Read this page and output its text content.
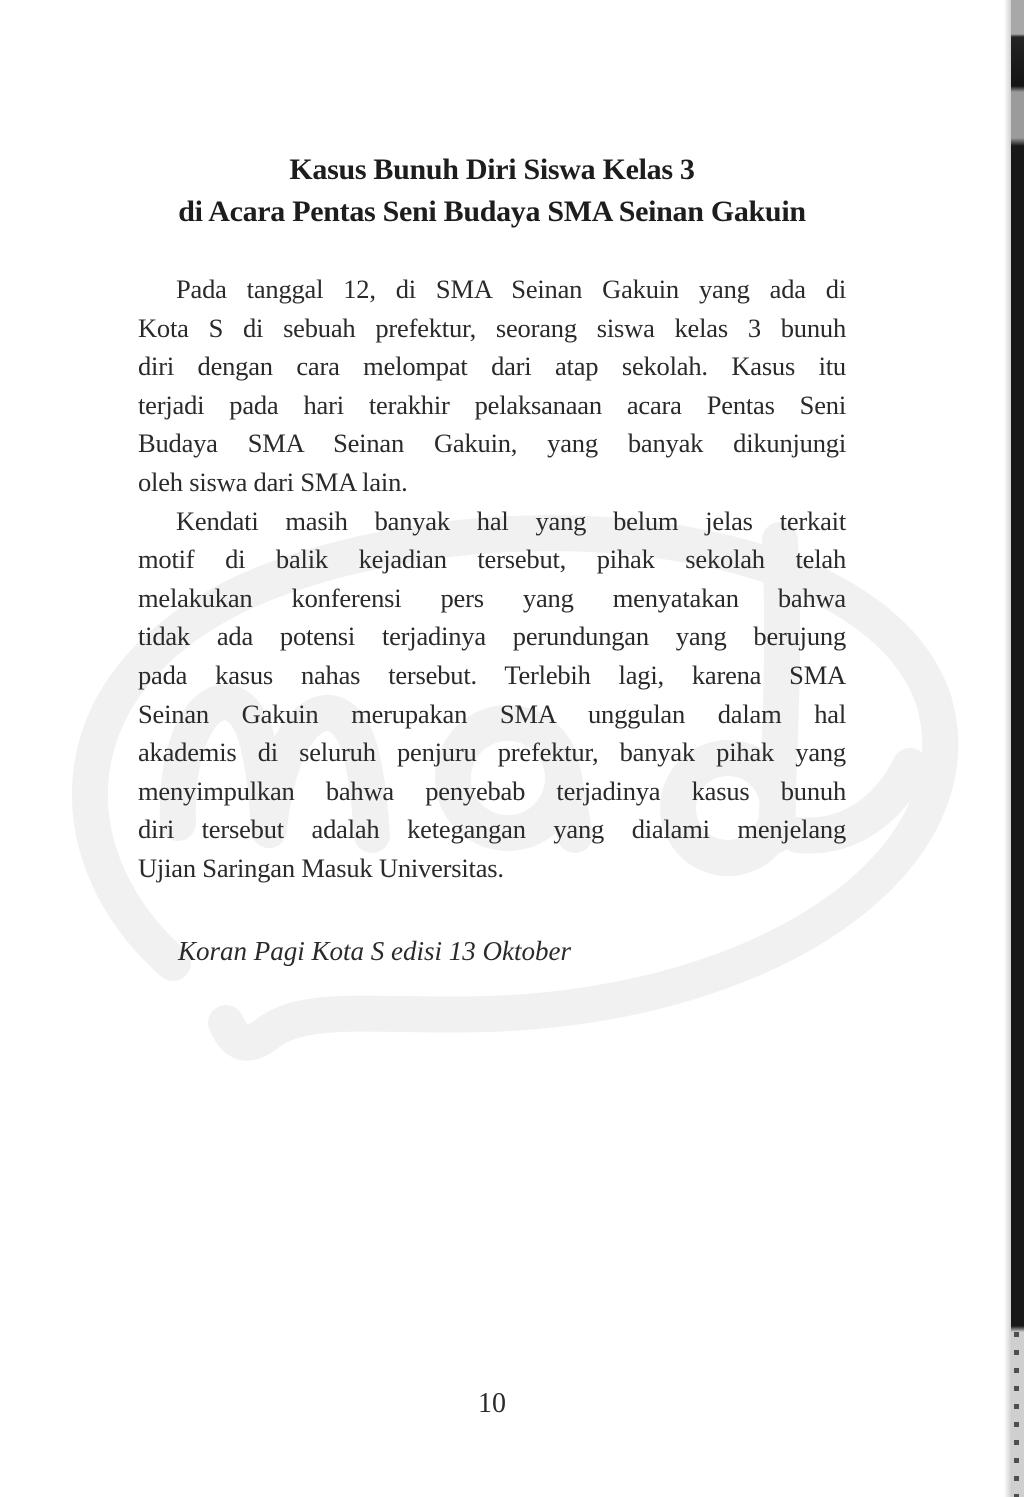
Kasus Bunuh Diri Siswa Kelas 3
di Acara Pentas Seni Budaya SMA Seinan Gakuin
Pada tanggal 12, di SMA Seinan Gakuin yang ada di
Kota S di sebuah prefektur, seorang siswa kelas 3 bunuh
diri dengan cara melompat dari atap sekolah. Kasus itu
terjadi pada hari terakhir pelaksanaan acara Pentas Seni
Budaya SMA Seinan Gakuin, yang banyak dikunjungi
oleh siswa dari SMA lain.
Kendati masih banyak hal yang belum jelas terkait
motif di balik kejadian tersebut, pihak sekolah telah
melakukan konferensi pers yang menyatakan bahwa
tidak ada potensi terjadinya perundungan yang berujung
pada kasus nahas tersebut. Terlebih lagi, karena SMA
Seinan Gakuin merupakan SMA unggulan dalam hal
akademis di seluruh penjuru prefektur, banyak pihak yang
menyimpulkan bahwa penyebab terjadinya kasus bunuh
diri tersebut adalah ketegangan yang dialami menjelang
Ujian Saringan Masuk Universitas.
Koran Pagi Kota S edisi 13 Oktober
10
